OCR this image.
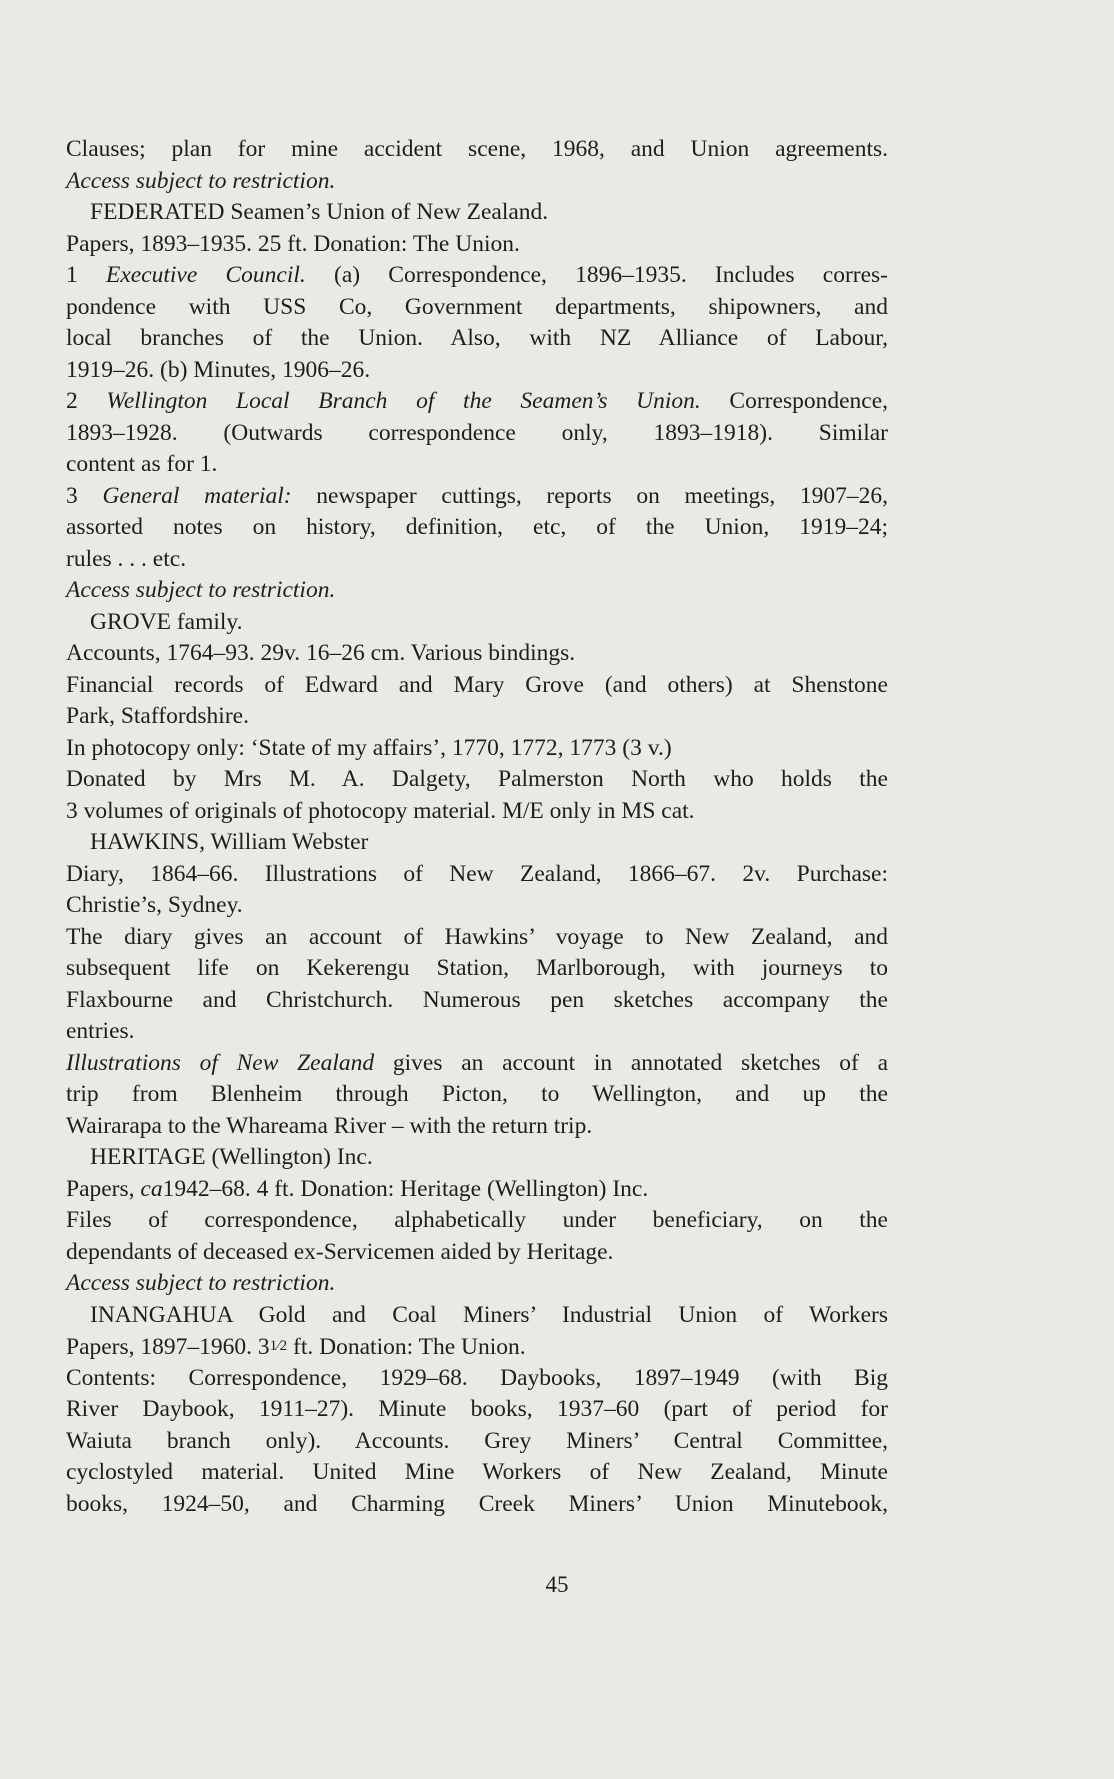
Clauses; plan for mine accident scene, 1968, and Union agreements.
Access subject to restriction.
FEDERATED Seamen’s Union of New Zealand.
Papers, 1893–1935. 25 ft. Donation: The Union.
1 Executive Council. (a) Correspondence, 1896–1935. Includes corres-
pondence with USS Co, Government departments, shipowners, and
local branches of the Union. Also, with NZ Alliance of Labour,
1919–26. (b) Minutes, 1906–26.
2 Wellington Local Branch of the Seamen’s Union. Correspondence,
1893–1928. (Outwards correspondence only, 1893–1918). Similar
content as for 1.
3 General material: newspaper cuttings, reports on meetings, 1907–26,
assorted notes on history, definition, etc, of the Union, 1919–24;
rules . . . etc.
Access subject to restriction.
GROVE family.
Accounts, 1764–93. 29v. 16–26 cm. Various bindings.
Financial records of Edward and Mary Grove (and others) at Shenstone
Park, Staffordshire.
In photocopy only: ‘State of my affairs’, 1770, 1772, 1773 (3 v.)
Donated by Mrs M. A. Dalgety, Palmerston North who holds the
3 volumes of originals of photocopy material. M/E only in MS cat.
HAWKINS, William Webster
Diary, 1864–66. Illustrations of New Zealand, 1866–67. 2v. Purchase:
Christie’s, Sydney.
The diary gives an account of Hawkins’ voyage to New Zealand, and
subsequent life on Kekerengu Station, Marlborough, with journeys to
Flaxbourne and Christchurch. Numerous pen sketches accompany the
entries.
Illustrations of New Zealand gives an account in annotated sketches of a
trip from Blenheim through Picton, to Wellington, and up the
Wairarapa to the Whareama River – with the return trip.
HERITAGE (Wellington) Inc.
Papers, ca1942–68. 4 ft. Donation: Heritage (Wellington) Inc.
Files of correspondence, alphabetically under beneficiary, on the
dependants of deceased ex-Servicemen aided by Heritage.
Access subject to restriction.
INANGAHUA Gold and Coal Miners’ Industrial Union of Workers
Papers, 1897–1960. 31⁄2 ft. Donation: The Union.
Contents: Correspondence, 1929–68. Daybooks, 1897–1949 (with Big
River Daybook, 1911–27). Minute books, 1937–60 (part of period for
Waiuta branch only). Accounts. Grey Miners’ Central Committee,
cyclostyled material. United Mine Workers of New Zealand, Minute
books, 1924–50, and Charming Creek Miners’ Union Minutebook,
45
